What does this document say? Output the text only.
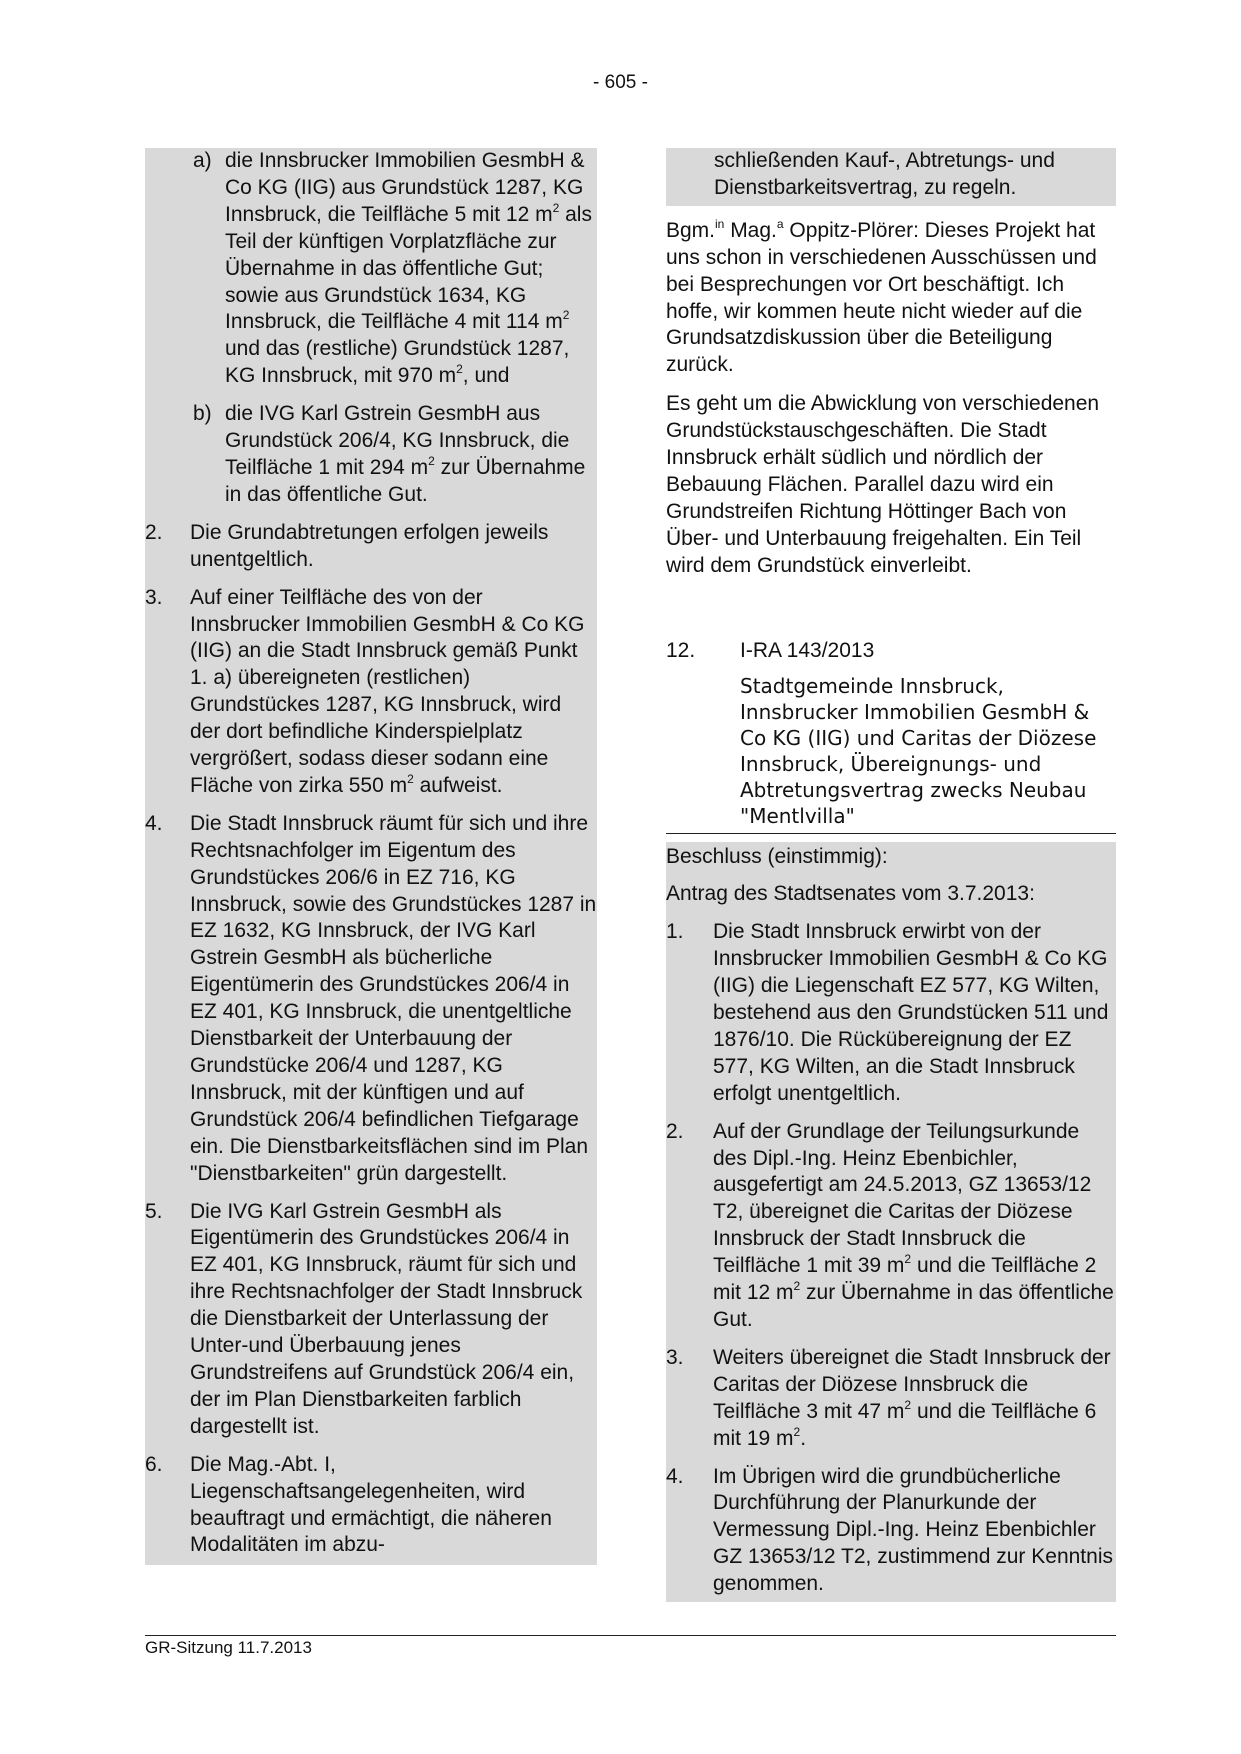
- 605 -
a) die Innsbrucker Immobilien GesmbH & Co KG (IIG) aus Grundstück 1287, KG Innsbruck, die Teilfläche 5 mit 12 $m^2$ als Teil der künftigen Vorplatzfläche zur Übernahme in das öffentliche Gut; sowie aus Grundstück 1634, KG Innsbruck, die Teilfläche 4 mit 114 $m^2$ und das (restliche) Grundstück 1287, KG Innsbruck, mit 970 $m^2$, und
b) die IVG Karl Gstrein GesmbH aus Grundstück 206/4, KG Innsbruck, die Teilfläche 1 mit 294 $m^2$ zur Übernahme in das öffentliche Gut.
2.	Die Grundabtretungen erfolgen jeweils unentgeltlich.
3.	Auf einer Teilfläche des von der Innsbrucker Immobilien GesmbH & Co KG (IIG) an die Stadt Innsbruck gemäß Punkt 1. a) übereigneten (restlichen) Grundstückes 1287, KG Innsbruck, wird der dort befindliche Kinderspielplatz vergrößert, sodass dieser sodann eine Fläche von zirka 550 $m^2$ aufweist.
4.	Die Stadt Innsbruck räumt für sich und ihre Rechtsnachfolger im Eigentum des Grundstückes 206/6 in EZ 716, KG Innsbruck, sowie des Grundstückes 1287 in EZ 1632, KG Innsbruck, der IVG Karl Gstrein GesmbH als bücherliche Eigentümerin des Grundstückes 206/4 in EZ 401, KG Innsbruck, die unentgeltliche Dienstbarkeit der Unterbauung der Grundstücke 206/4 und 1287, KG Innsbruck, mit der künftigen und auf Grundstück 206/4 befindlichen Tiefgarage ein. Die Dienstbarkeitsflächen sind im Plan "Dienstbarkeiten" grün dargestellt.
5.	Die IVG Karl Gstrein GesmbH als Eigentümerin des Grundstückes 206/4 in EZ 401, KG Innsbruck, räumt für sich und ihre Rechtsnachfolger der Stadt Innsbruck die Dienstbarkeit der Unterlassung der Unter-und Überbauung jenes Grundstreifens auf Grundstück 206/4 ein, der im Plan Dienstbarkeiten farblich dargestellt ist.
6.	Die Mag.-Abt. I, Liegenschaftsangelegenheiten, wird beauftragt und ermächtigt, die näheren Modalitäten im abzu-
schließenden Kauf-, Abtretungs- und Dienstbarkeitsvertrag, zu regeln.

Bgm.$^{in}$ Mag.$^a$ Oppitz-Plörer: Dieses Projekt hat uns schon in verschiedenen Ausschüssen und bei Besprechungen vor Ort beschäftigt. Ich hoffe, wir kommen heute nicht wieder auf die Grundsatzdiskussion über die Beteiligung zurück.

Es geht um die Abwicklung von verschiedenen Grundstückstauschgeschäften. Die Stadt Innsbruck erhält südlich und nördlich der Bebauung Flächen. Parallel dazu wird ein Grundstreifen Richtung Höttinger Bach von Über- und Unterbauung freigehalten. Ein Teil wird dem Grundstück einverleibt.

12.	I-RA 143/2013
Stadtgemeinde Innsbruck, Innsbrucker Immobilien GesmbH & Co KG (IIG) und Caritas der Diözese Innsbruck, Übereignungs- und Abtretungsvertrag zwecks Neubau "Mentlvilla"
Beschluss (einstimmig):
Antrag des Stadtsenates vom 3.7.2013:
1.	Die Stadt Innsbruck erwirbt von der Innsbrucker Immobilien GesmbH & Co KG (IIG) die Liegenschaft EZ 577, KG Wilten, bestehend aus den Grundstücken 511 und 1876/10. Die Rückübereignung der EZ 577, KG Wilten, an die Stadt Innsbruck erfolgt unentgeltlich.
2.	Auf der Grundlage der Teilungsurkunde des Dipl.-Ing. Heinz Ebenbichler, ausgefertigt am 24.5.2013, GZ 13653/12 T2, übereignet die Caritas der Diözese Innsbruck der Stadt Innsbruck die Teilfläche 1 mit 39 $m^2$ und die Teilfläche 2 mit 12 $m^2$ zur Übernahme in das öffentliche Gut.
3.	Weiters übereignet die Stadt Innsbruck der Caritas der Diözese Innsbruck die Teilfläche 3 mit 47 $m^2$ und die Teilfläche 6 mit 19 $m^2$.
4.	Im Übrigen wird die grundbücherliche Durchführung der Planurkunde der Vermessung Dipl.-Ing. Heinz Ebenbichler GZ 13653/12 T2, zustimmend zur Kenntnis genommen.
GR-Sitzung 11.7.2013
